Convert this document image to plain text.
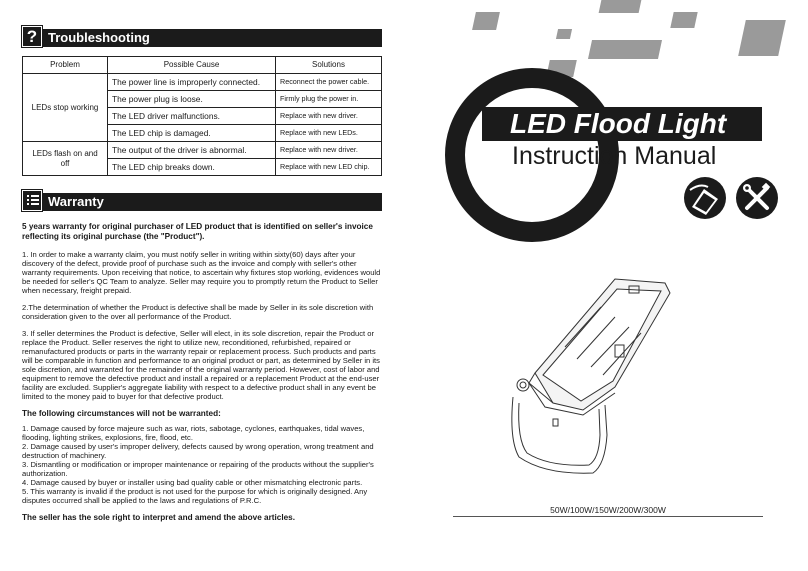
? Troubleshooting
Problem	Possible Cause	Solutions
LEDs stop working	The power line is improperly connected.	Reconnect the power cable.
	The power plug is loose.	Firmly plug the power in.
	The LED driver malfunctions.	Replace with new driver.
	The LED chip is damaged.	Replace with new LEDs.
LEDs flash on and off	The output of the driver is abnormal.	Replace with new driver.
	The LED chip breaks down.	Replace with new LED chip.
Warranty

5 years warranty for original purchaser of LED product that is identified on seller's invoice reflecting its original purchase (the "Product").

1. In order to make a warranty claim, you must notify seller in writing within sixty(60) days after your discovery of the defect, provide proof of purchase such as the invoice and comply with seller's other warranty requirements. Upon receiving that notice, to ascertain why fixtures stop working, evidences would be needed for seller's QC Team to analyze. Seller may require you to promptly return the Product to Seller when necessary, freight prepaid.

2.The determination of whether the Product is defective shall be made by Seller in its sole discretion with consideration given to the over all performance of the Product.

3. If seller determines the Product is defective, Seller will elect, in its sole discretion, repair the Product or replace the Product. Seller reserves the right to utilize new, reconditioned, refurbished, repaired or remanufactured products or parts in the warranty repair or replacement process. Such products and parts will be comparable in function and performance to an original product or part, as determined by Seller in its sole discretion, and warranted for the remainder of the original warranty period. However, cost of labor and equipment to remove the defective product and install a repaired or a replacement Product at the end-user facility are excluded. Supplier's aggregate liability with respect to a defective product shall in any event be limited to the money paid to buyer for that defective product.

The following circumstances will not be warranted:

1. Damage caused by force majeure such as war, riots, sabotage, cyclones, earthquakes, tidal waves, flooding, lighting strikes, explosions, fire, flood, etc.
2. Damage caused by user's improper delivery, defects caused by wrong operation, wrong treatment and destruction of machinery.
3. Dismantling or modification or improper maintenance or repairing of the products without the supplier's authorization.
4. Damage caused by buyer or installer using bad quality cable or other mismatching electronic parts.
5. This warranty is invalid if the product is not used for the purpose for which is originally designed. Any disputes occurred shall be applied to the laws and regulations of P.R.C.

The seller has the sole right to interpret and amend the above articles.

LED Flood Light
Instruction Manual
50W/100W/150W/200W/300W
